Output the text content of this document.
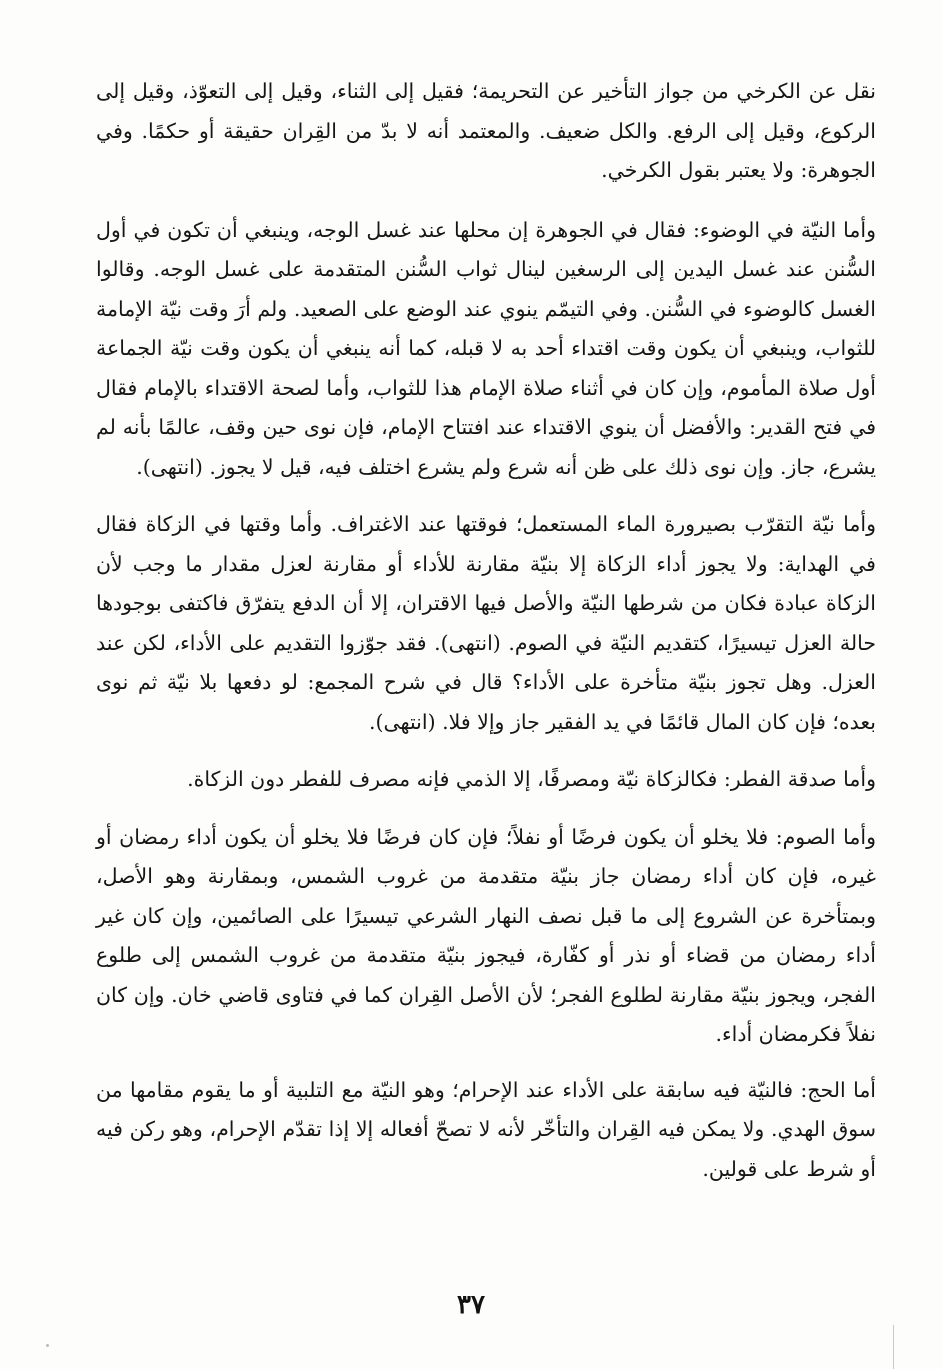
نقل عن الكرخي من جواز التأخير عن التحريمة؛ فقيل إلى الثناء، وقيل إلى التعوّذ، وقيل إلى الركوع، وقيل إلى الرفع. والكل ضعيف. والمعتمد أنه لا بدّ من القِران حقيقة أو حكمًا. وفي الجوهرة: ولا يعتبر بقول الكرخي.

وأما النيّة في الوضوء: فقال في الجوهرة إن محلها عند غسل الوجه، وينبغي أن تكون في أول السُّنن عند غسل اليدين إلى الرسغين لينال ثواب السُّنن المتقدمة على غسل الوجه. وقالوا الغسل كالوضوء في السُّنن. وفي التيمّم ينوي عند الوضع على الصعيد. ولم أرَ وقت نيّة الإمامة للثواب، وينبغي أن يكون وقت اقتداء أحد به لا قبله، كما أنه ينبغي أن يكون وقت نيّة الجماعة أول صلاة المأموم، وإن كان في أثناء صلاة الإمام هذا للثواب، وأما لصحة الاقتداء بالإمام فقال في فتح القدير: والأفضل أن ينوي الاقتداء عند افتتاح الإمام، فإن نوى حين وقف، عالمًا بأنه لم يشرع، جاز. وإن نوى ذلك على ظن أنه شرع ولم يشرع اختلف فيه، قيل لا يجوز. (انتهى).

وأما نيّة التقرّب بصيرورة الماء المستعمل؛ فوقتها عند الاغتراف. وأما وقتها في الزكاة فقال في الهداية: ولا يجوز أداء الزكاة إلا بنيّة مقارنة للأداء أو مقارنة لعزل مقدار ما وجب لأن الزكاة عبادة فكان من شرطها النيّة والأصل فيها الاقتران، إلا أن الدفع يتفرّق فاكتفى بوجودها حالة العزل تيسيرًا، كتقديم النيّة في الصوم. (انتهى). فقد جوّزوا التقديم على الأداء، لكن عند العزل. وهل تجوز بنيّة متأخرة على الأداء؟ قال في شرح المجمع: لو دفعها بلا نيّة ثم نوى بعده؛ فإن كان المال قائمًا في يد الفقير جاز وإلا فلا. (انتهى).

وأما صدقة الفطر: فكالزكاة نيّة ومصرفًا، إلا الذمي فإنه مصرف للفطر دون الزكاة.

وأما الصوم: فلا يخلو أن يكون فرضًا أو نفلاً؛ فإن كان فرضًا فلا يخلو أن يكون أداء رمضان أو غيره، فإن كان أداء رمضان جاز بنيّة متقدمة من غروب الشمس، وبمقارنة وهو الأصل، وبمتأخرة عن الشروع إلى ما قبل نصف النهار الشرعي تيسيرًا على الصائمين، وإن كان غير أداء رمضان من قضاء أو نذر أو كفّارة، فيجوز بنيّة متقدمة من غروب الشمس إلى طلوع الفجر، ويجوز بنيّة مقارنة لطلوع الفجر؛ لأن الأصل القِران كما في فتاوى قاضي خان. وإن كان نفلاً فكرمضان أداء.

أما الحج: فالنيّة فيه سابقة على الأداء عند الإحرام؛ وهو النيّة مع التلبية أو ما يقوم مقامها من سوق الهدي. ولا يمكن فيه القِران والتأخّر لأنه لا تصحّ أفعاله إلا إذا تقدّم الإحرام، وهو ركن فيه أو شرط على قولين.

٣٧
